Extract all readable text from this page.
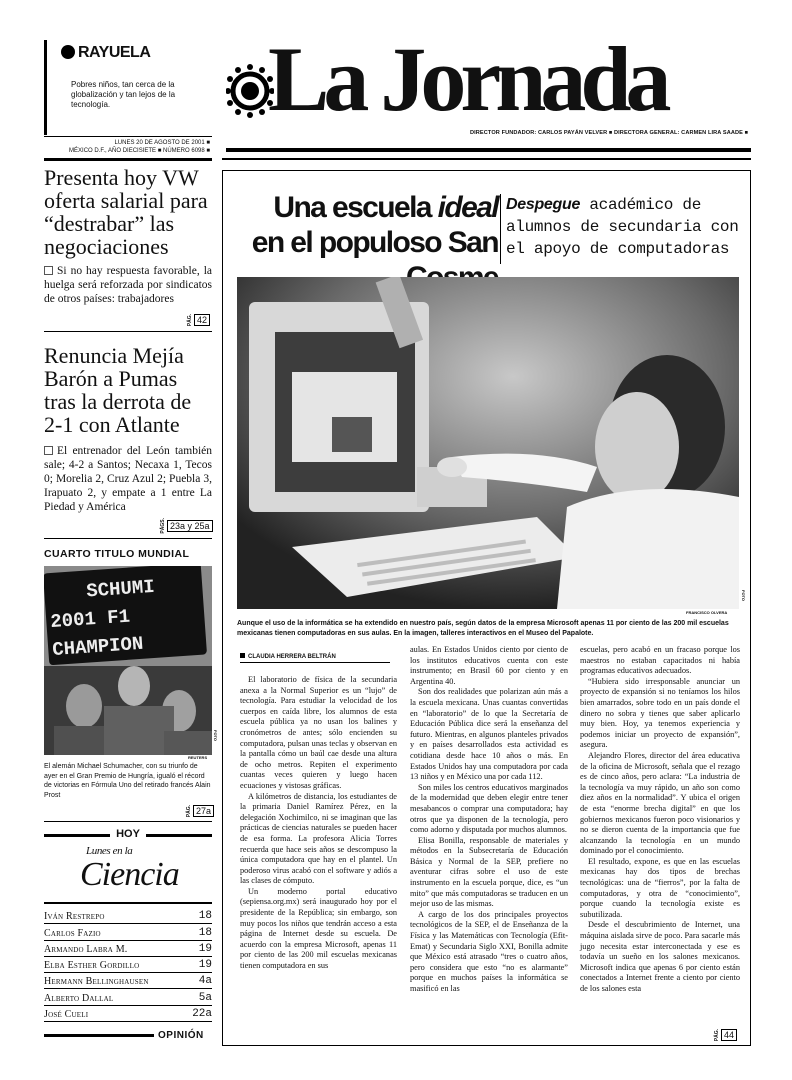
RAYUELA
Pobres niños, tan cerca de la globalización y tan lejos de la tecnología.	La Jornada
DIRECTOR FUNDADOR: CARLOS PAYÁN VELVER ■ DIRECTORA GENERAL: CARMEN LIRA SAADE ■
LUNES 20 DE AGOSTO DE 2001 ■
MÉXICO D.F., AÑO DIECISIETE ■ NÚMERO 6098 ■
Presenta hoy VW oferta salarial para “destrabar” las negociaciones
Si no hay respuesta favorable, la huelga será reforzada por sindicatos de otros países: trabajadores
PÁG. 42
Renuncia Mejía Barón a Pumas tras la derrota de 2-1 con Atlante
El entrenador del León también sale; 4-2 a Santos; Necaxa 1, Tecos 0; Morelia 2, Cruz Azul 2; Puebla 3, Irapuato 2, y empate a 1 entre La Piedad y América
PÁGS. 23a y 25a
CUARTO TITULO MUNDIAL
SCHUMI
2001 F1
CHAMPION
FOTO
REUTERS
El alemán Michael Schumacher, con su triunfo de ayer en el Gran Premio de Hungría, igualó el récord de victorias en Fórmula Uno del retirado francés Alain Prost
PÁG. 27a
HOY
Lunes en la
Ciencia
Iván Restrepo	18
Carlos Fazio	18
Armando Labra M.	19
Elba Esther Gordillo	19
Hermann Bellinghausen	4a
Alberto Dallal	5a
José Cueli	22a
OPINIÓN
Una escuela ideal en el populoso San
Despegue académico de alumnos de secundaria con el apoyo de computadoras
FOTO
FRANCISCO OLVERA
Aunque el uso de la informática se ha extendido en nuestro país, según datos de la empresa Microsoft apenas 11 por ciento de las 200 mil escuelas mexicanas tienen computadoras en sus aulas. En la imagen, talleres interactivos en el Museo del Papalote.
CLAUDIA HERRERA BELTRÁN

El laboratorio de física de la secundaria anexa a la Normal Superior es un “lujo” de tecnología. Para estudiar la velocidad de los cuerpos en caída libre, los alumnos de esta escuela pública ya no usan los balines y cronómetros de antes; sólo encienden su computadora, pulsan unas teclas y observan en la pantalla cómo un baúl cae desde una altura de ocho metros. Repiten el experimento cuantas veces quieren y luego hacen ecuaciones y vistosas gráficas.

A kilómetros de distancia, los estudiantes de la primaria Daniel Ramírez Pérez, en la delegación Xochimilco, ni se imaginan que las prácticas de ciencias naturales se pueden hacer de esa forma. La profesora Alicia Torres recuerda que hace seis años se descompuso la única computadora que hay en el plantel. Un poderoso virus acabó con el software y adiós a las clases de cómputo.

Un moderno portal educativo (sepiensa.org.mx) será inaugurado hoy por el presidente de la República; sin embargo, son muy pocos los niños que tendrán acceso a esta página de Internet desde su escuela. De acuerdo con la empresa Microsoft, apenas 11 por ciento de las 200 mil escuelas mexicanas tienen computadora en sus

aulas. En Estados Unidos ciento por ciento de los institutos educativos cuenta con este instrumento; en Brasil 60 por ciento y en Argentina 40.

Son dos realidades que polarizan aún más a la escuela mexicana. Unas cuantas convertidas en “laboratorio” de lo que la Secretaría de Educación Pública dice será la enseñanza del futuro. Mientras, en algunos planteles privados y en países desarrollados esta actividad es cotidiana desde hace 10 años o más. En Estados Unidos hay una computadora por cada 13 niños y en México una por cada 112.

Son miles los centros educativos marginados de la modernidad que deben elegir entre tener mesabancos o comprar una computadora; hay otros que ya disponen de la tecnología, pero como adorno y disputada por muchos alumnos.

Elisa Bonilla, responsable de materiales y métodos en la Subsecretaría de Educación Básica y Normal de la SEP, prefiere no aventurar cifras sobre el uso de este instrumento en la escuela porque, dice, es “un mito” que más computadoras se traducen en un mejor uso de las mismas.

A cargo de los dos principales proyectos tecnológicos de la SEP, el de Enseñanza de la Física y las Matemáticas con Tecnología (Efit-Emat) y Secundaria Siglo XXI, Bonilla admite que México está atrasado “tres o cuatro años, pero considera que esto “no es alarmante” porque en muchos países la informática se masificó en las

escuelas, pero acabó en un fracaso porque los maestros no estaban capacitados ni había programas educativos adecuados.

“Hubiera sido irresponsable anunciar un proyecto de expansión si no teníamos los hilos bien amarrados, sobre todo en un país donde el dinero no sobra y tienes que saber aplicarlo muy bien. Hoy, ya tenemos experiencia y podemos iniciar un proyecto de expansión”, asegura.

Alejandro Flores, director del área educativa de la oficina de Microsoft, señala que el rezago es de cinco años, pero aclara: “La industria de la tecnología va muy rápido, un año son como diez años en la normalidad”. Y ubica el origen de esta “enorme brecha digital” en que los gobiernos mexicanos fueron poco visionarios y no se dieron cuenta de la importancia que fue alcanzando la tecnología en un mundo dominado por el conocimiento.

El resultado, expone, es que en las escuelas mexicanas hay dos tipos de brechas tecnológicas: una de “fierros”, por la falta de computadoras, y otra de “conocimiento”, porque cuando la tecnología existe es subutilizada.

Desde el descubrimiento de Internet, una máquina aislada sirve de poco. Para sacarle más jugo necesita estar interconectada y ese es todavía un sueño en los salones mexicanos. Microsoft indica que apenas 6 por ciento están conectados a Internet frente a ciento por ciento de los salones esta

PÁG. 44
